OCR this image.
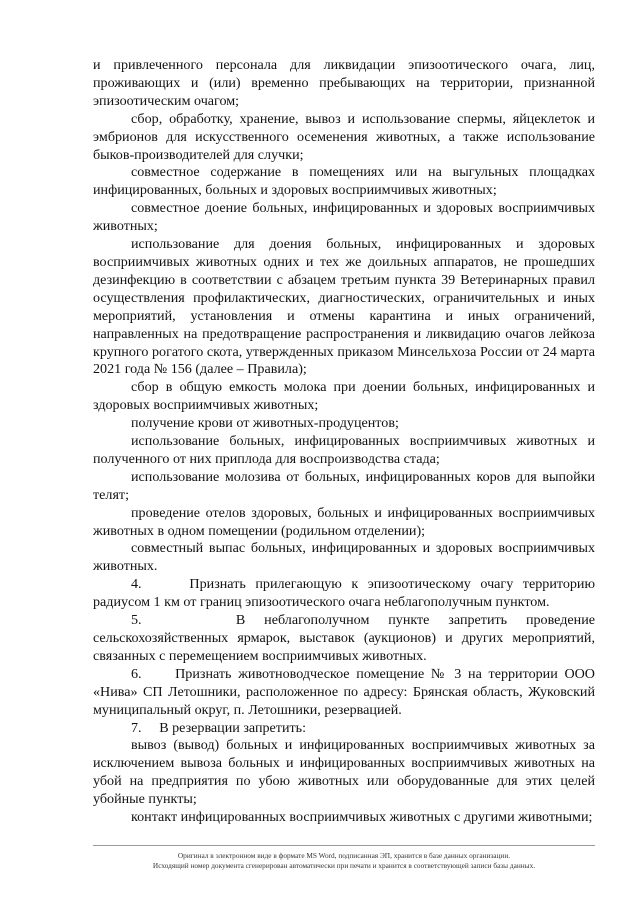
и привлеченного персонала для ликвидации эпизоотического очага, лиц, проживающих и (или) временно пребывающих на территории, признанной эпизоотическим очагом;

сбор, обработку, хранение, вывоз и использование спермы, яйцеклеток и эмбрионов для искусственного осеменения животных, а также использование быков-производителей для случки;

совместное содержание в помещениях или на выгульных площадках инфицированных, больных и здоровых восприимчивых животных;

совместное доение больных, инфицированных и здоровых восприимчивых животных;

использование для доения больных, инфицированных и здоровых восприимчивых животных одних и тех же доильных аппаратов, не прошедших дезинфекцию в соответствии с абзацем третьим пункта 39 Ветеринарных правил осуществления профилактических, диагностических, ограничительных и иных мероприятий, установления и отмены карантина и иных ограничений, направленных на предотвращение распространения и ликвидацию очагов лейкоза крупного рогатого скота, утвержденных приказом Минсельхоза России от 24 марта 2021 года № 156 (далее – Правила);

сбор в общую емкость молока при доении больных, инфицированных и здоровых восприимчивых животных;

получение крови от животных-продуцентов;

использование больных, инфицированных восприимчивых животных и полученного от них приплода для воспроизводства стада;

использование молозива от больных, инфицированных коров для выпойки телят;

проведение отелов здоровых, больных и инфицированных восприимчивых животных в одном помещении (родильном отделении);

совместный выпас больных, инфицированных и здоровых восприимчивых животных.

4.     Признать прилегающую к эпизоотическому очагу территорию радиусом 1 км от границ эпизоотического очага неблагополучным пунктом.

5.     В неблагополучном пункте запретить проведение сельскохозяйственных ярмарок, выставок (аукционов) и других мероприятий, связанных с перемещением восприимчивых животных.

6.     Признать животноводческое помещение № 3 на территории ООО «Нива» СП Летошники, расположенное по адресу: Брянская область, Жуковский муниципальный округ, п. Летошники, резервацией.

7.     В резервации запретить:

вывоз (вывод) больных и инфицированных восприимчивых животных за исключением вывоза больных и инфицированных восприимчивых животных на убой на предприятия по убою животных или оборудованные для этих целей убойные пункты;

контакт инфицированных восприимчивых животных с другими животными;

Оригинал в электронном виде в формате MS Word, подписанная ЭП, хранится в базе данных организации.

Исходящий номер документа сгенерирован автоматически при печати и хранится в соответствующей записи базы данных.
